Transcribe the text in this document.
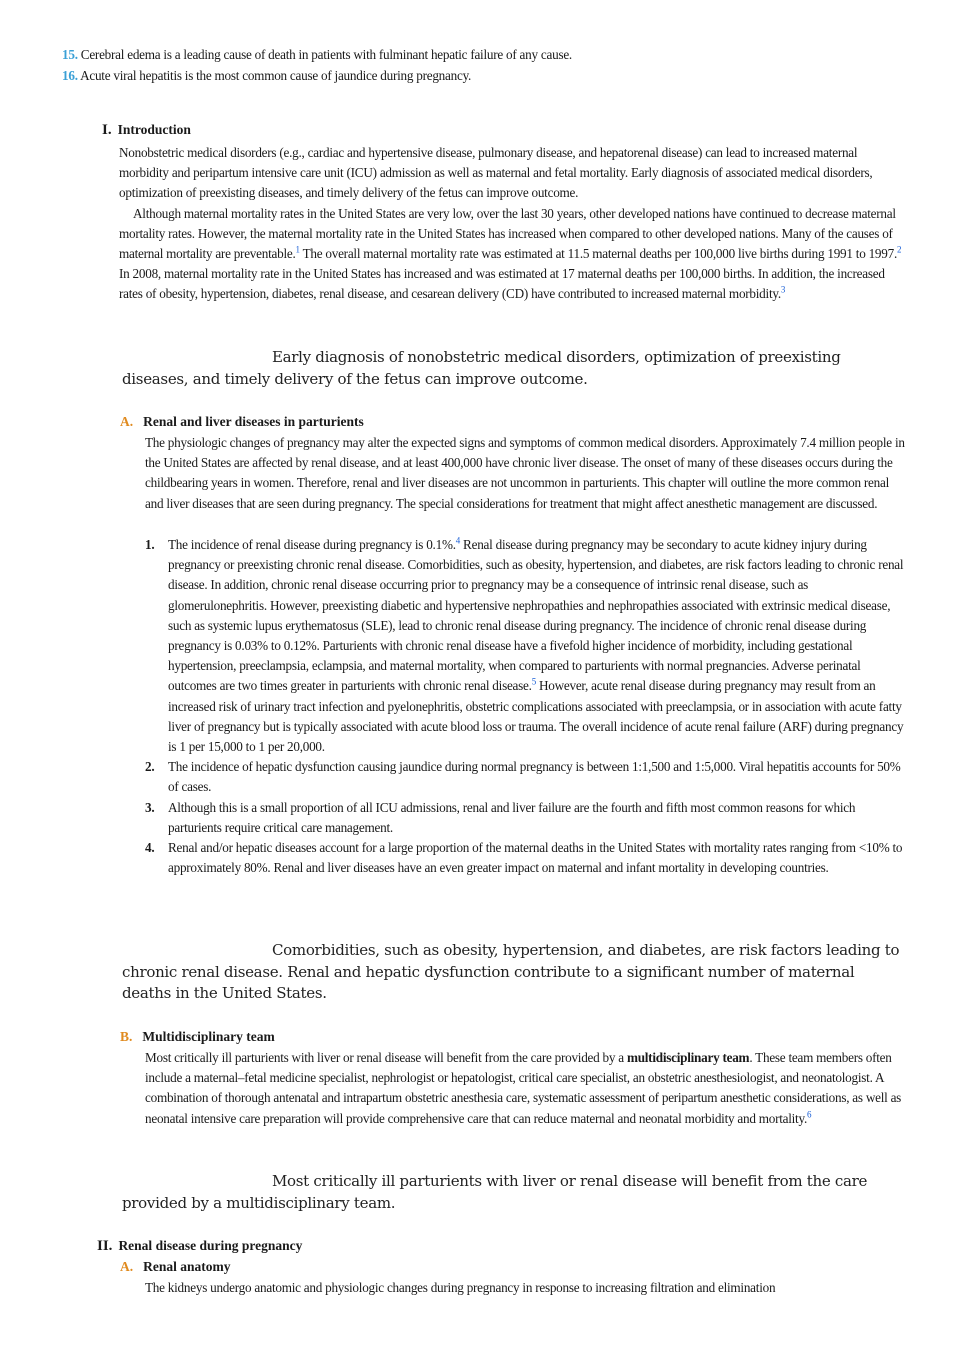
15. Cerebral edema is a leading cause of death in patients with fulminant hepatic failure of any cause.
16. Acute viral hepatitis is the most common cause of jaundice during pregnancy.
I. Introduction

Nonobstetric medical disorders (e.g., cardiac and hypertensive disease, pulmonary disease, and hepatorenal disease) can lead to increased maternal morbidity and peripartum intensive care unit (ICU) admission as well as maternal and fetal mortality. Early diagnosis of associated medical disorders, optimization of preexisting diseases, and timely delivery of the fetus can improve outcome.

Although maternal mortality rates in the United States are very low, over the last 30 years, other developed nations have continued to decrease maternal mortality rates. However, the maternal mortality rate in the United States has increased when compared to other developed nations. Many of the causes of maternal mortality are preventable.$^1$ The overall maternal mortality rate was estimated at 11.5 maternal deaths per 100,000 live births during 1991 to 1997.$^2$ In 2008, maternal mortality rate in the United States has increased and was estimated at 17 maternal deaths per 100,000 births. In addition, the increased rates of obesity, hypertension, diabetes, renal disease, and cesarean delivery (CD) have contributed to increased maternal morbidity.$^3$

Early diagnosis of nonobstetric medical disorders, optimization of preexisting diseases, and timely delivery of the fetus can improve outcome.

A. Renal and liver diseases in parturients

The physiologic changes of pregnancy may alter the expected signs and symptoms of common medical disorders. Approximately 7.4 million people in the United States are affected by renal disease, and at least 400,000 have chronic liver disease. The onset of many of these diseases occurs during the childbearing years in women. Therefore, renal and liver diseases are not uncommon in parturients. This chapter will outline the more common renal and liver diseases that are seen during pregnancy. The special considerations for treatment that might affect anesthetic management are discussed.

1. The incidence of renal disease during pregnancy is 0.1%.$^4$ Renal disease during pregnancy may be secondary to acute kidney injury during pregnancy or preexisting chronic renal disease. Comorbidities, such as obesity, hypertension, and diabetes, are risk factors leading to chronic renal disease. In addition, chronic renal disease occurring prior to pregnancy may be a consequence of intrinsic renal disease, such as glomerulonephritis. However, preexisting diabetic and hypertensive nephropathies and nephropathies associated with extrinsic medical disease, such as systemic lupus erythematosus (SLE), lead to chronic renal disease during pregnancy. The incidence of chronic renal disease during pregnancy is 0.03% to 0.12%. Parturients with chronic renal disease have a fivefold higher incidence of morbidity, including gestational hypertension, preeclampsia, eclampsia, and maternal mortality, when compared to parturients with normal pregnancies. Adverse perinatal outcomes are two times greater in parturients with chronic renal disease.$^5$ However, acute renal disease during pregnancy may result from an increased risk of urinary tract infection and pyelonephritis, obstetric complications associated with preeclampsia, or in association with acute fatty liver of pregnancy but is typically associated with acute blood loss or trauma. The overall incidence of acute renal failure (ARF) during pregnancy is 1 per 15,000 to 1 per 20,000.
2. The incidence of hepatic dysfunction causing jaundice during normal pregnancy is between 1:1,500 and 1:5,000. Viral hepatitis accounts for 50% of cases.
3. Although this is a small proportion of all ICU admissions, renal and liver failure are the fourth and fifth most common reasons for which parturients require critical care management.
4. Renal and/or hepatic diseases account for a large proportion of the maternal deaths in the United States with mortality rates ranging from <10% to approximately 80%. Renal and liver diseases have an even greater impact on maternal and infant mortality in developing countries.

Comorbidities, such as obesity, hypertension, and diabetes, are risk factors leading to chronic renal disease. Renal and hepatic dysfunction contribute to a significant number of maternal deaths in the United States.

B. Multidisciplinary team

Most critically ill parturients with liver or renal disease will benefit from the care provided by a multidisciplinary team. These team members often include a maternal–fetal medicine specialist, nephrologist or hepatologist, critical care specialist, an obstetric anesthesiologist, and neonatologist. A combination of thorough antenatal and intrapartum obstetric anesthesia care, systematic assessment of peripartum anesthetic considerations, as well as neonatal intensive care preparation will provide comprehensive care that can reduce maternal and neonatal morbidity and mortality.$^6$

Most critically ill parturients with liver or renal disease will benefit from the care provided by a multidisciplinary team.

II. Renal disease during pregnancy
A. Renal anatomy

The kidneys undergo anatomic and physiologic changes during pregnancy in response to increasing filtration and elimination
